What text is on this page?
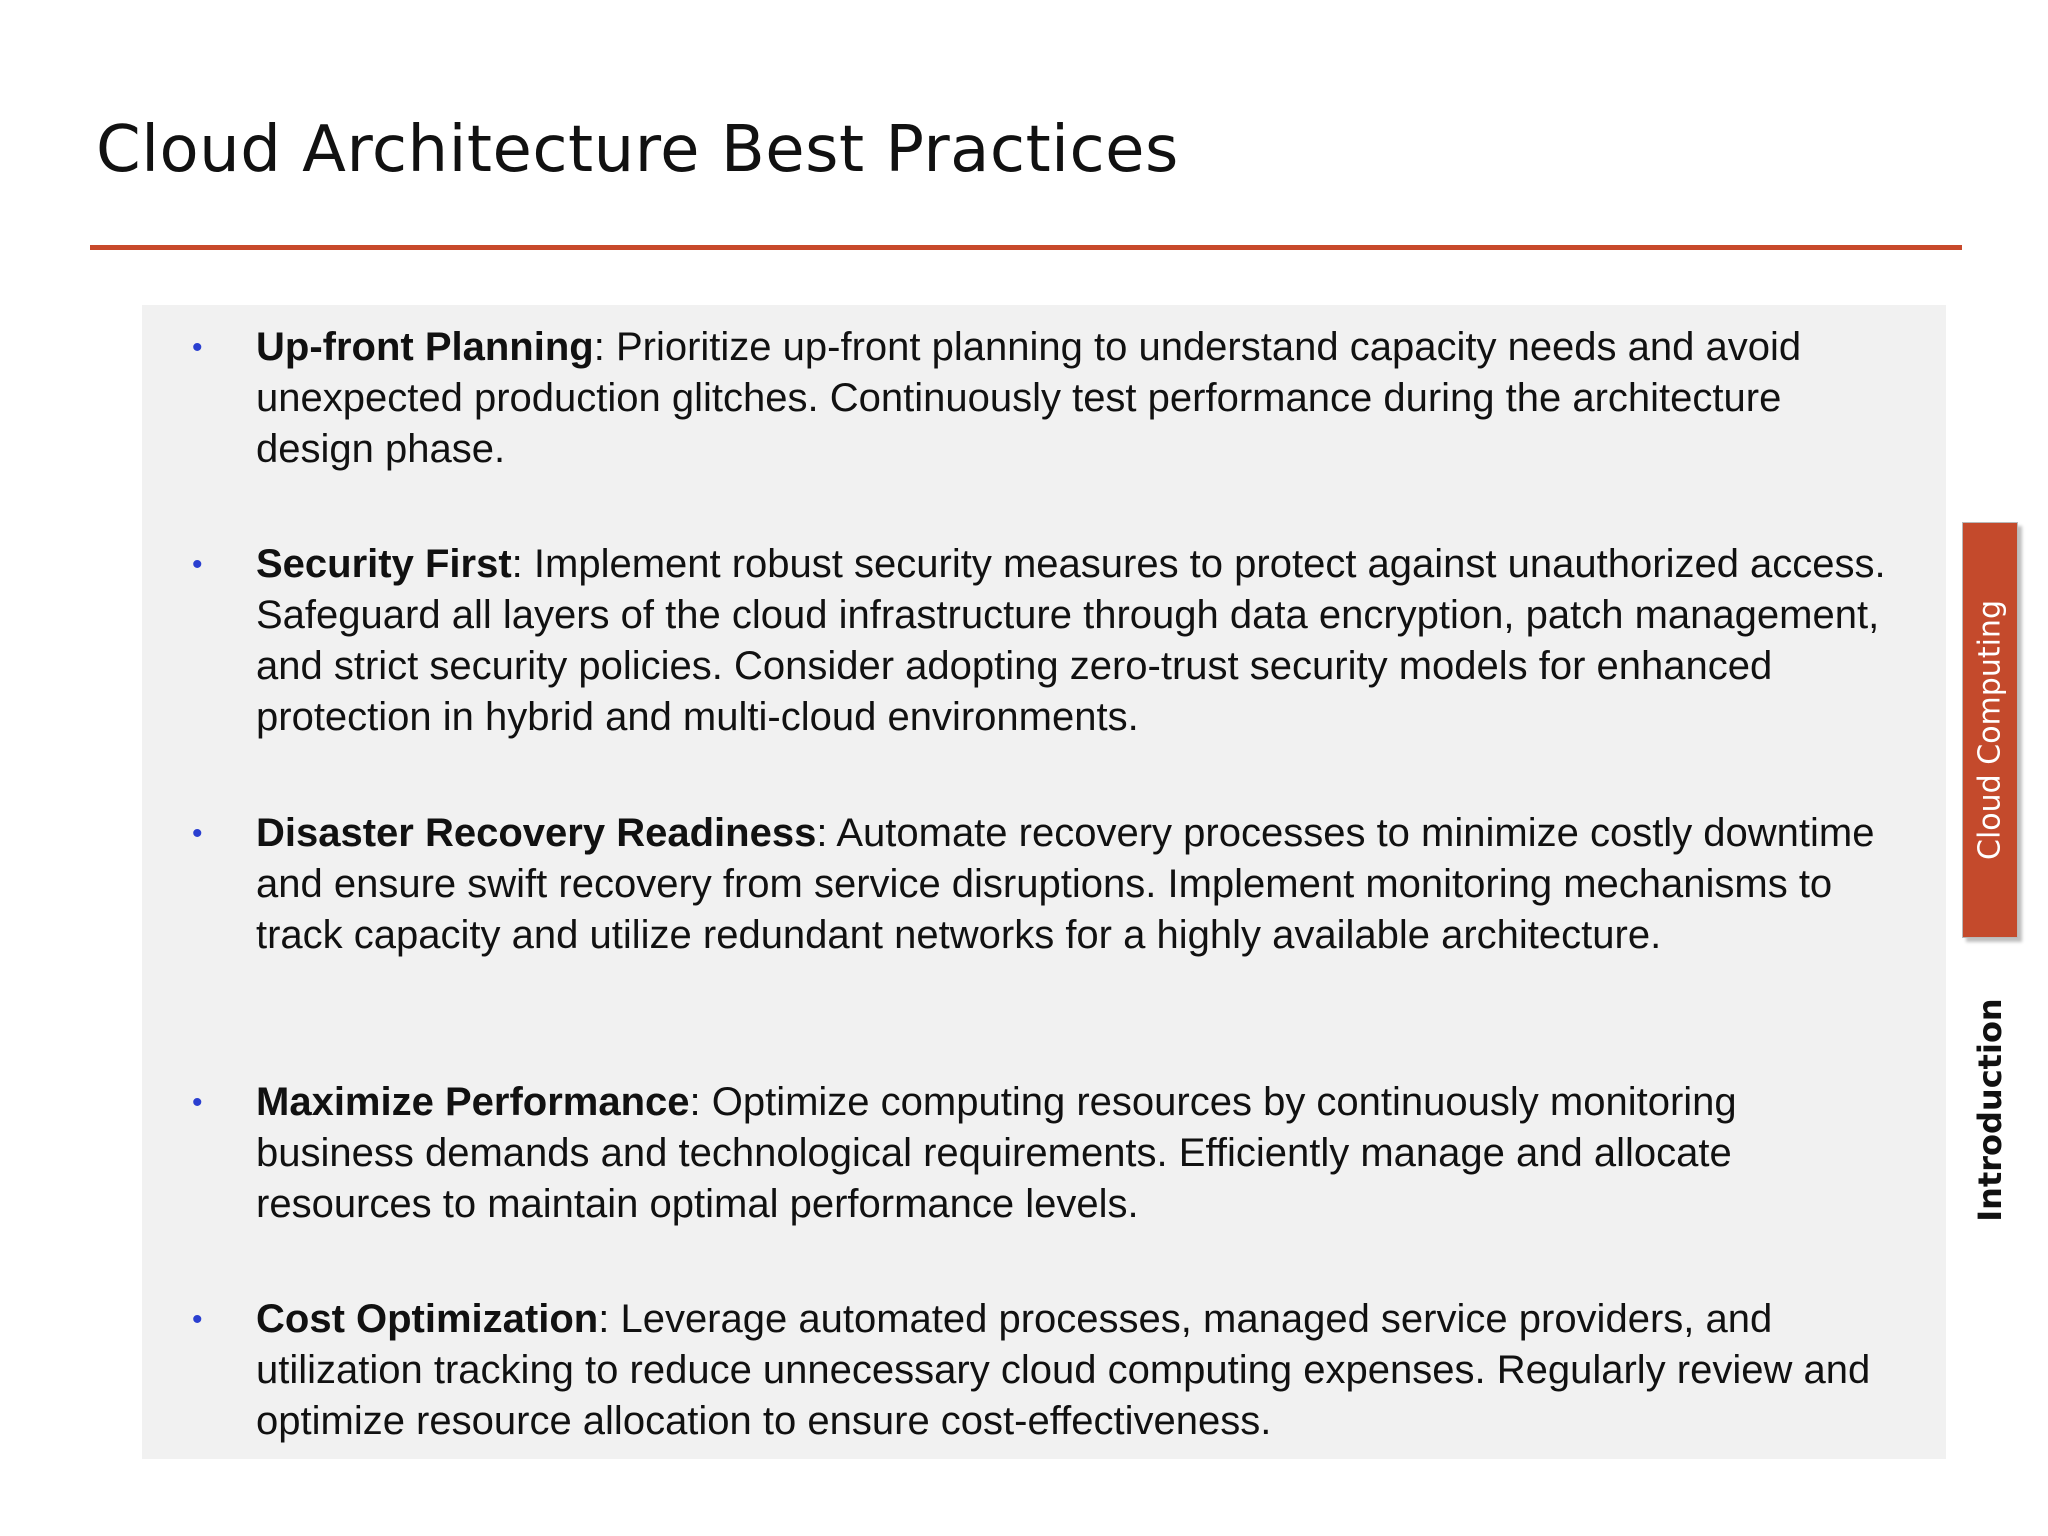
Cloud Architecture Best Practices
• Up-front Planning: Prioritize up-front planning to understand capacity needs and avoid unexpected production glitches. Continuously test performance during the architecture design phase.
• Security First: Implement robust security measures to protect against unauthorized access. Safeguard all layers of the cloud infrastructure through data encryption, patch management, and strict security policies. Consider adopting zero-trust security models for enhanced protection in hybrid and multi-cloud environments.
• Disaster Recovery Readiness: Automate recovery processes to minimize costly downtime and ensure swift recovery from service disruptions. Implement monitoring mechanisms to track capacity and utilize redundant networks for a highly available architecture.
• Maximize Performance: Optimize computing resources by continuously monitoring business demands and technological requirements. Efficiently manage and allocate resources to maintain optimal performance levels.
• Cost Optimization: Leverage automated processes, managed service providers, and utilization tracking to reduce unnecessary cloud computing expenses. Regularly review and optimize resource allocation to ensure cost-effectiveness.
Cloud Computing
Introduction
